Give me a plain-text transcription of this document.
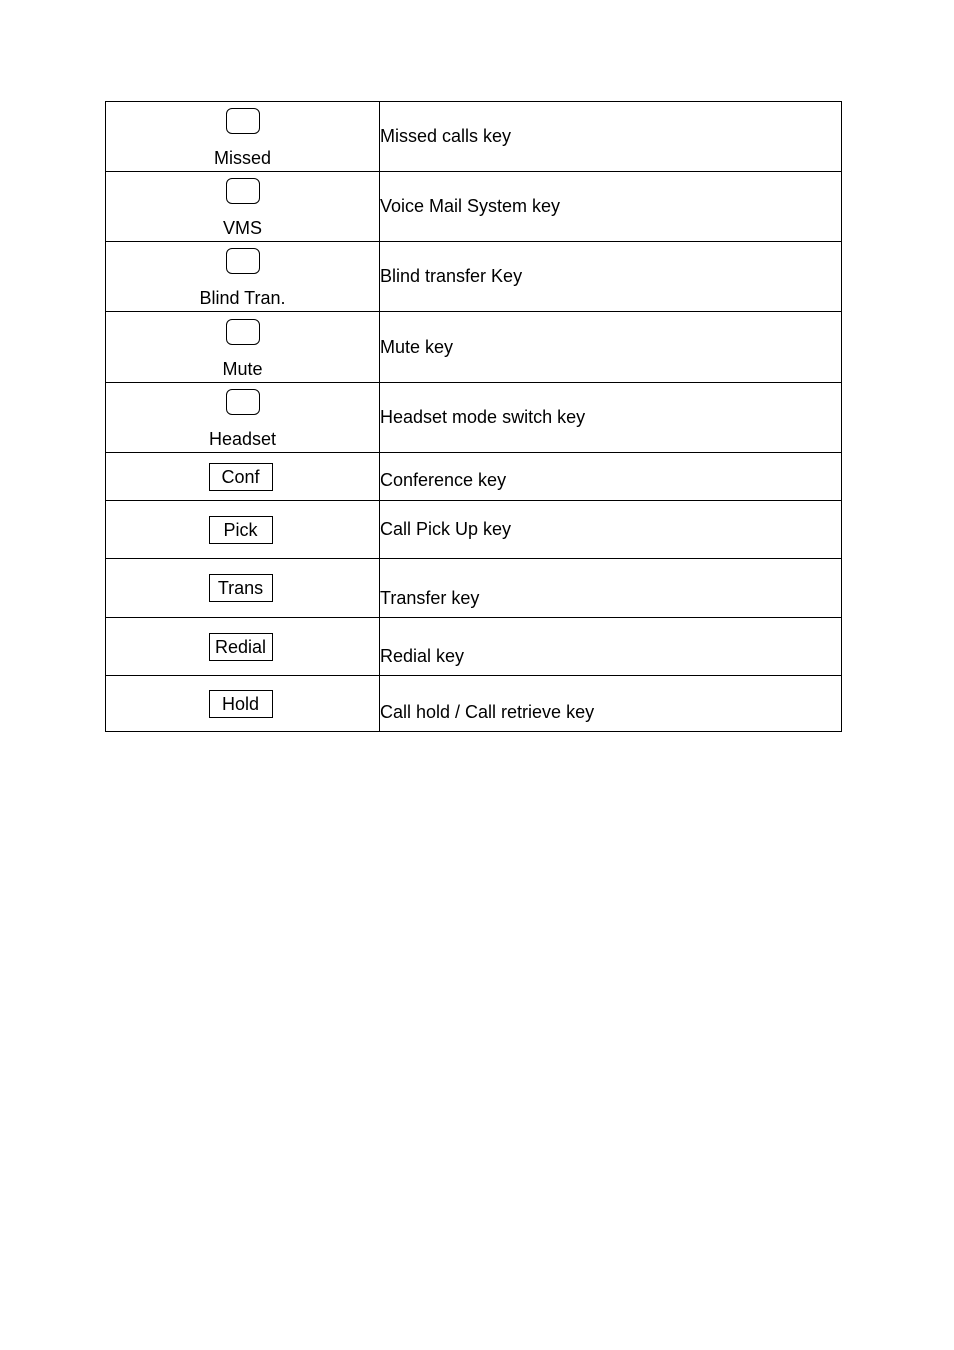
Missed	Missed calls key

VMS	Voice Mail System key

Blind Tran.	Blind transfer Key

Mute	Mute key

Headset	Headset mode switch key
Conf	Conference key
Pick	Call Pick Up key
Trans	Transfer key
Redial	Redial key
Hold	Call hold / Call retrieve key
